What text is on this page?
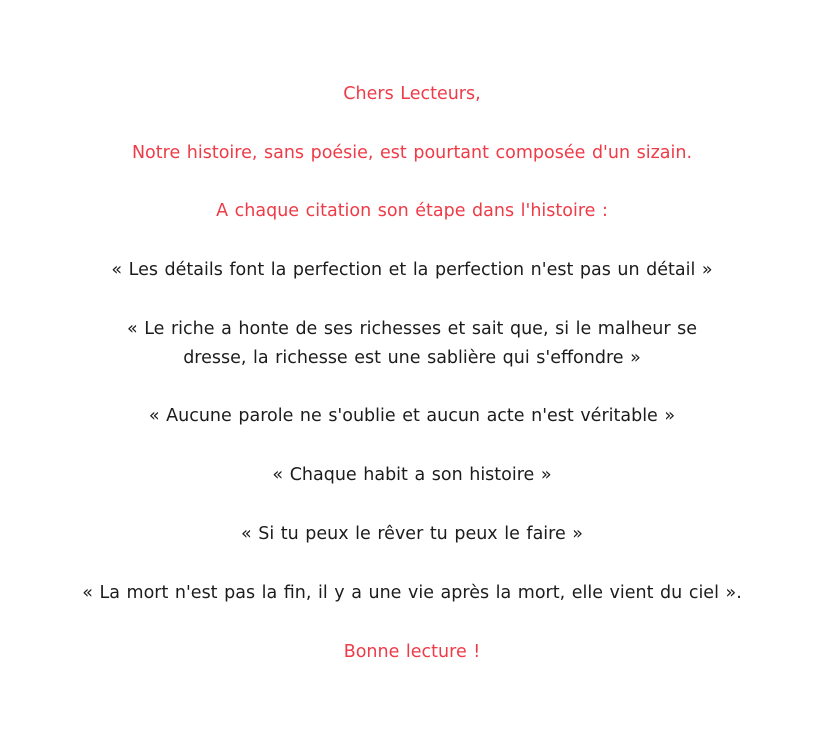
Chers Lecteurs,
Notre histoire, sans poésie, est pourtant composée d'un sizain.
A chaque citation son étape dans l'histoire :
« Les détails font la perfection et la perfection n'est pas un détail »
« Le riche a honte de ses richesses et sait que, si le malheur se dresse, la richesse est une sablière qui s'effondre »
« Aucune parole ne s'oublie et aucun acte n'est véritable »
« Chaque habit a son histoire »
« Si tu peux le rêver tu peux le faire »
« La mort n'est pas la fin, il y a une vie après la mort, elle vient du ciel ».
Bonne lecture !
